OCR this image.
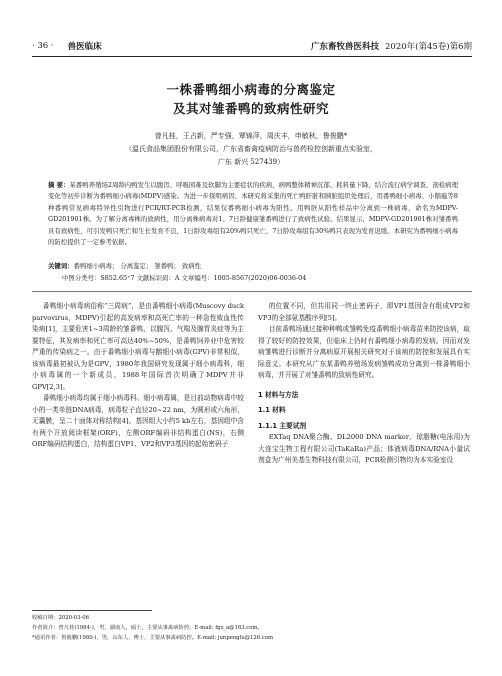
· 36 · 兽医临床	广东畜牧兽医科技 2020年(第45卷)第6期
一株番鸭细小病毒的分离鉴定
及其对雏番鸭的致病性研究
曾凡桂，王占新，严专强，覃锦萍，周庆丰，申敏秋，鲁俊鹏*
（温氏食品集团股份有限公司，广东省畜禽疫病防治与兽药检控创新重点实验室，
广东 新兴 527439）
摘 要：某番鸭养殖场2周龄内鸭发生以腹泻、呼吸困难及软脚为主要症状的疾病，病鸭整体精神沉郁、耗料量下降，结合流行病学调查、剖检病理变化等初步诊断为番鸭细小病毒(MDPV)感染。为进一步探明病因，本研究将采集的死亡鸭肝脏和胰脏组织处理后，用番鸭细小病毒、小鹅瘟等8种番鸭常见病毒特异性引物进行PCR/RT-PCR检测，结果仅番鸭细小病毒为阳性。用鸭胚从阳性样品中分离到一株病毒，命名为MDPV-GD201901株。为了解分离毒株的致病性，用分离株病毒对1、7日龄健康雏番鸭进行了致病性试验。结果显示，MDPV-GD201901株对雏番鸭具有致病性，可引发鸭只死亡和生长发育不良，1日龄攻毒组有20%鸭只死亡，7日龄攻毒组有30%鸭只表现为发育迟缓。本研究为番鸭细小病毒的防控提供了一定参考依据。
关键词：番鸭细小病毒； 分离鉴定； 雏番鸭； 致病性
中图分类号：S852.65⁺7 文献标识码：A 文章编号：1005-8567(2020)06-0036-04

番鸭细小病毒病俗称“三周病”，是由番鸭细小病毒(Muscovy duck parvovirus，MDPV)引起的高发病率和高死亡率的一种急性败血性传染病[1]，主要危害1~3周龄的雏番鸭，以腹泻、气喘及腺胃炎症等为主要特征，其发病率和死亡率可高达40%~50%，是番鸭饲养业中危害较严重的传染病之一。由于番鸭细小病毒与鹅细小病毒(GPV)非常相似，该病毒最初被认为是GPV，1980年我国研究发现属于细小病毒科，细小病毒属的一个新成员，1988年国际首次明确了MDPV并非GPV[2,3]。

番鸭细小病毒均属于细小病毒科、细小病毒属，是目前动物病毒中较小的一类单链DNA病毒，病毒粒子直径20~22 nm，为圆形或六角形，无囊膜，呈二十面体对称结构[4]。基因组大小约5 kb左右，基因组中含有两个开放阅读框架(ORF)，左侧ORF编码非结构蛋白(NS)，右侧ORF编码结构蛋白，结构蛋白VP1、VP2和VP3基因的起始密码子

的位置不同，但共用同一终止密码子，即VP1基因含有组成VP2和VP3的全部氨基酸序列[5]。

目前番鸭场通过接种种鸭或雏鸭免疫番鸭细小病毒苗来防控该病，取得了较好的防控效果，但临床上仍时有番鸭细小病毒的发病。因而对发病雏鸭进行诊断并分离病原开展相关研究对于该病的防控和发展具有实际意义。本研究从广东某番鸭养殖场发病雏鸭成功分离到一株番鸭细小病毒，并开展了对雏番鸭的致病性研究。

1 材料与方法
1.1 材料
1.1.1 主要试剂

EXTaq DNA聚合酶、DL2000 DNA marker、琼脂糖(电泳用)为大连宝生物工程有限公司(TaKaRa)产品；体液病毒DNA/RNA小量试剂盒为广州美基生物科技有限公司，PCR检测引物均为本实验室设

收稿日期：2020-03-06
作者简介：曾凡桂(1984-)，男，湖南人，硕士，主要从事禽病防控。E-mail: fgz_a@163.com。
*通讯作者：鲁俊鹏(1980-)，男，山东人，博士，主要从事禽病防控。E-mail: junpenglu@126.com
